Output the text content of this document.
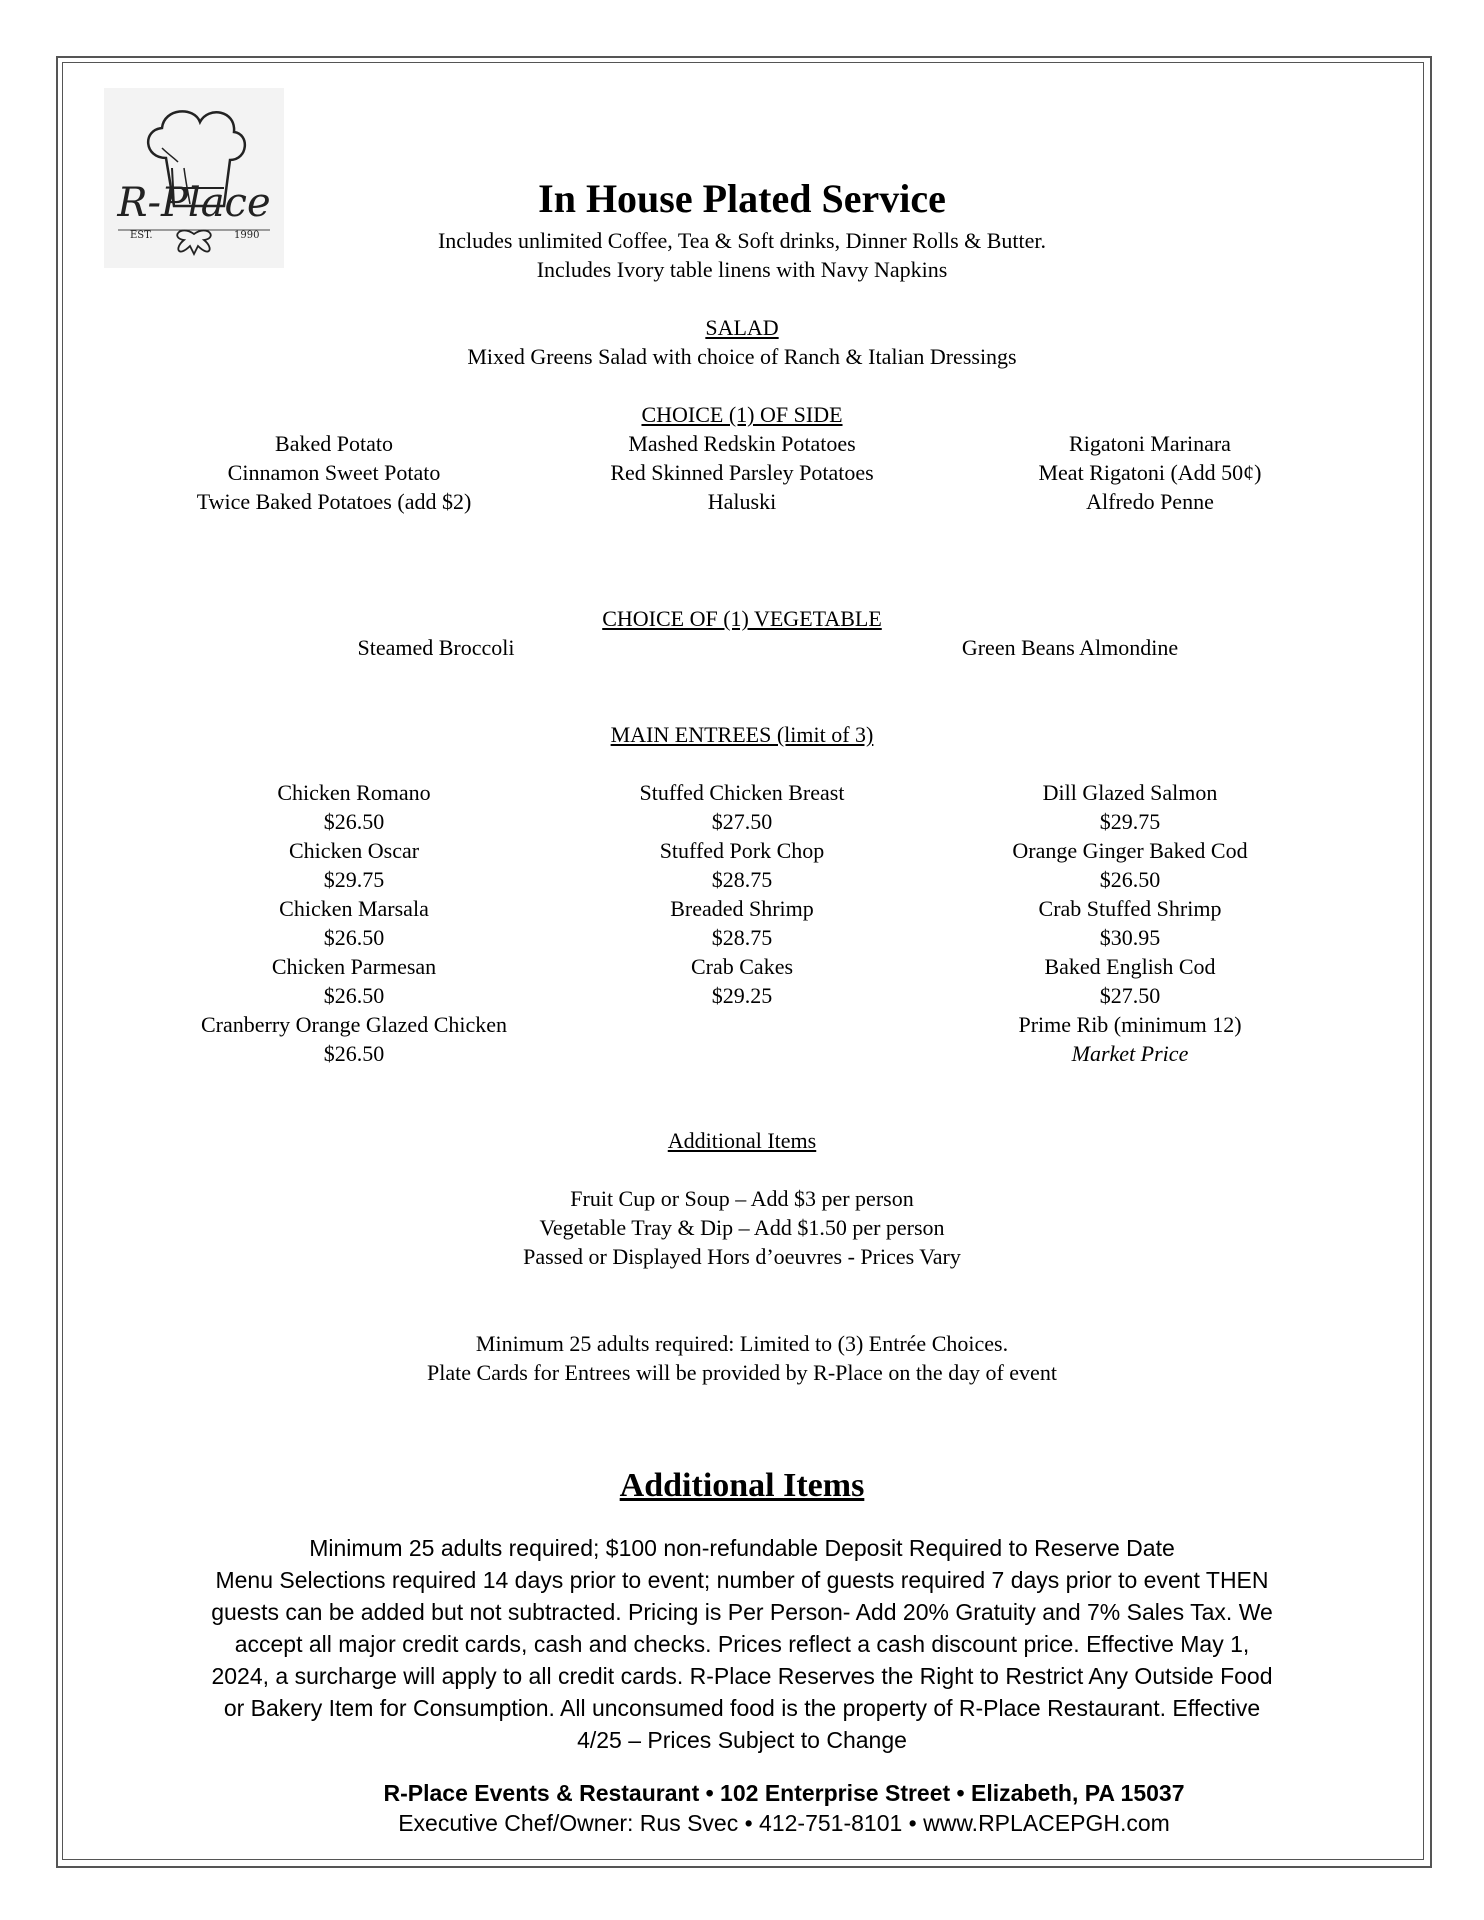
R-Place
EST.	1990
In House Plated Service
Includes unlimited Coffee, Tea & Soft drinks, Dinner Rolls & Butter.
Includes Ivory table linens with Navy Napkins
SALAD
Mixed Greens Salad with choice of Ranch & Italian Dressings
CHOICE (1) OF SIDE
Baked Potato
Cinnamon Sweet Potato
Twice Baked Potatoes (add $2)
Mashed Redskin Potatoes
Red Skinned Parsley Potatoes
Haluski
Rigatoni Marinara
Meat Rigatoni (Add 50¢)
Alfredo Penne
CHOICE OF (1) VEGETABLE
Steamed Broccoli	Green Beans Almondine
MAIN ENTREES (limit of 3)
Chicken Romano
$26.50
Chicken Oscar
$29.75
Chicken Marsala
$26.50
Chicken Parmesan
$26.50
Cranberry Orange Glazed Chicken
$26.50
Stuffed Chicken Breast
$27.50
Stuffed Pork Chop
$28.75
Breaded Shrimp
$28.75
Crab Cakes
$29.25
Dill Glazed Salmon
$29.75
Orange Ginger Baked Cod
$26.50
Crab Stuffed Shrimp
$30.95
Baked English Cod
$27.50
Prime Rib (minimum 12)
Market Price
Additional Items
Fruit Cup or Soup – Add $3 per person
Vegetable Tray & Dip – Add $1.50 per person
Passed or Displayed Hors d’oeuvres - Prices Vary
Minimum 25 adults required: Limited to (3) Entrée Choices.
Plate Cards for Entrees will be provided by R-Place on the day of event
Additional Items
Minimum 25 adults required; $100 non-refundable Deposit Required to Reserve Date
Menu Selections required 14 days prior to event; number of guests required 7 days prior to event THEN
guests can be added but not subtracted. Pricing is Per Person- Add 20% Gratuity and 7% Sales Tax. We
accept all major credit cards, cash and checks. Prices reflect a cash discount price. Effective May 1,
2024, a surcharge will apply to all credit cards. R-Place Reserves the Right to Restrict Any Outside Food
or Bakery Item for Consumption. All unconsumed food is the property of R-Place Restaurant. Effective
4/25 – Prices Subject to Change
R-Place Events & Restaurant • 102 Enterprise Street • Elizabeth, PA 15037
Executive Chef/Owner: Rus Svec • 412-751-8101 • www.RPLACEPGH.com
